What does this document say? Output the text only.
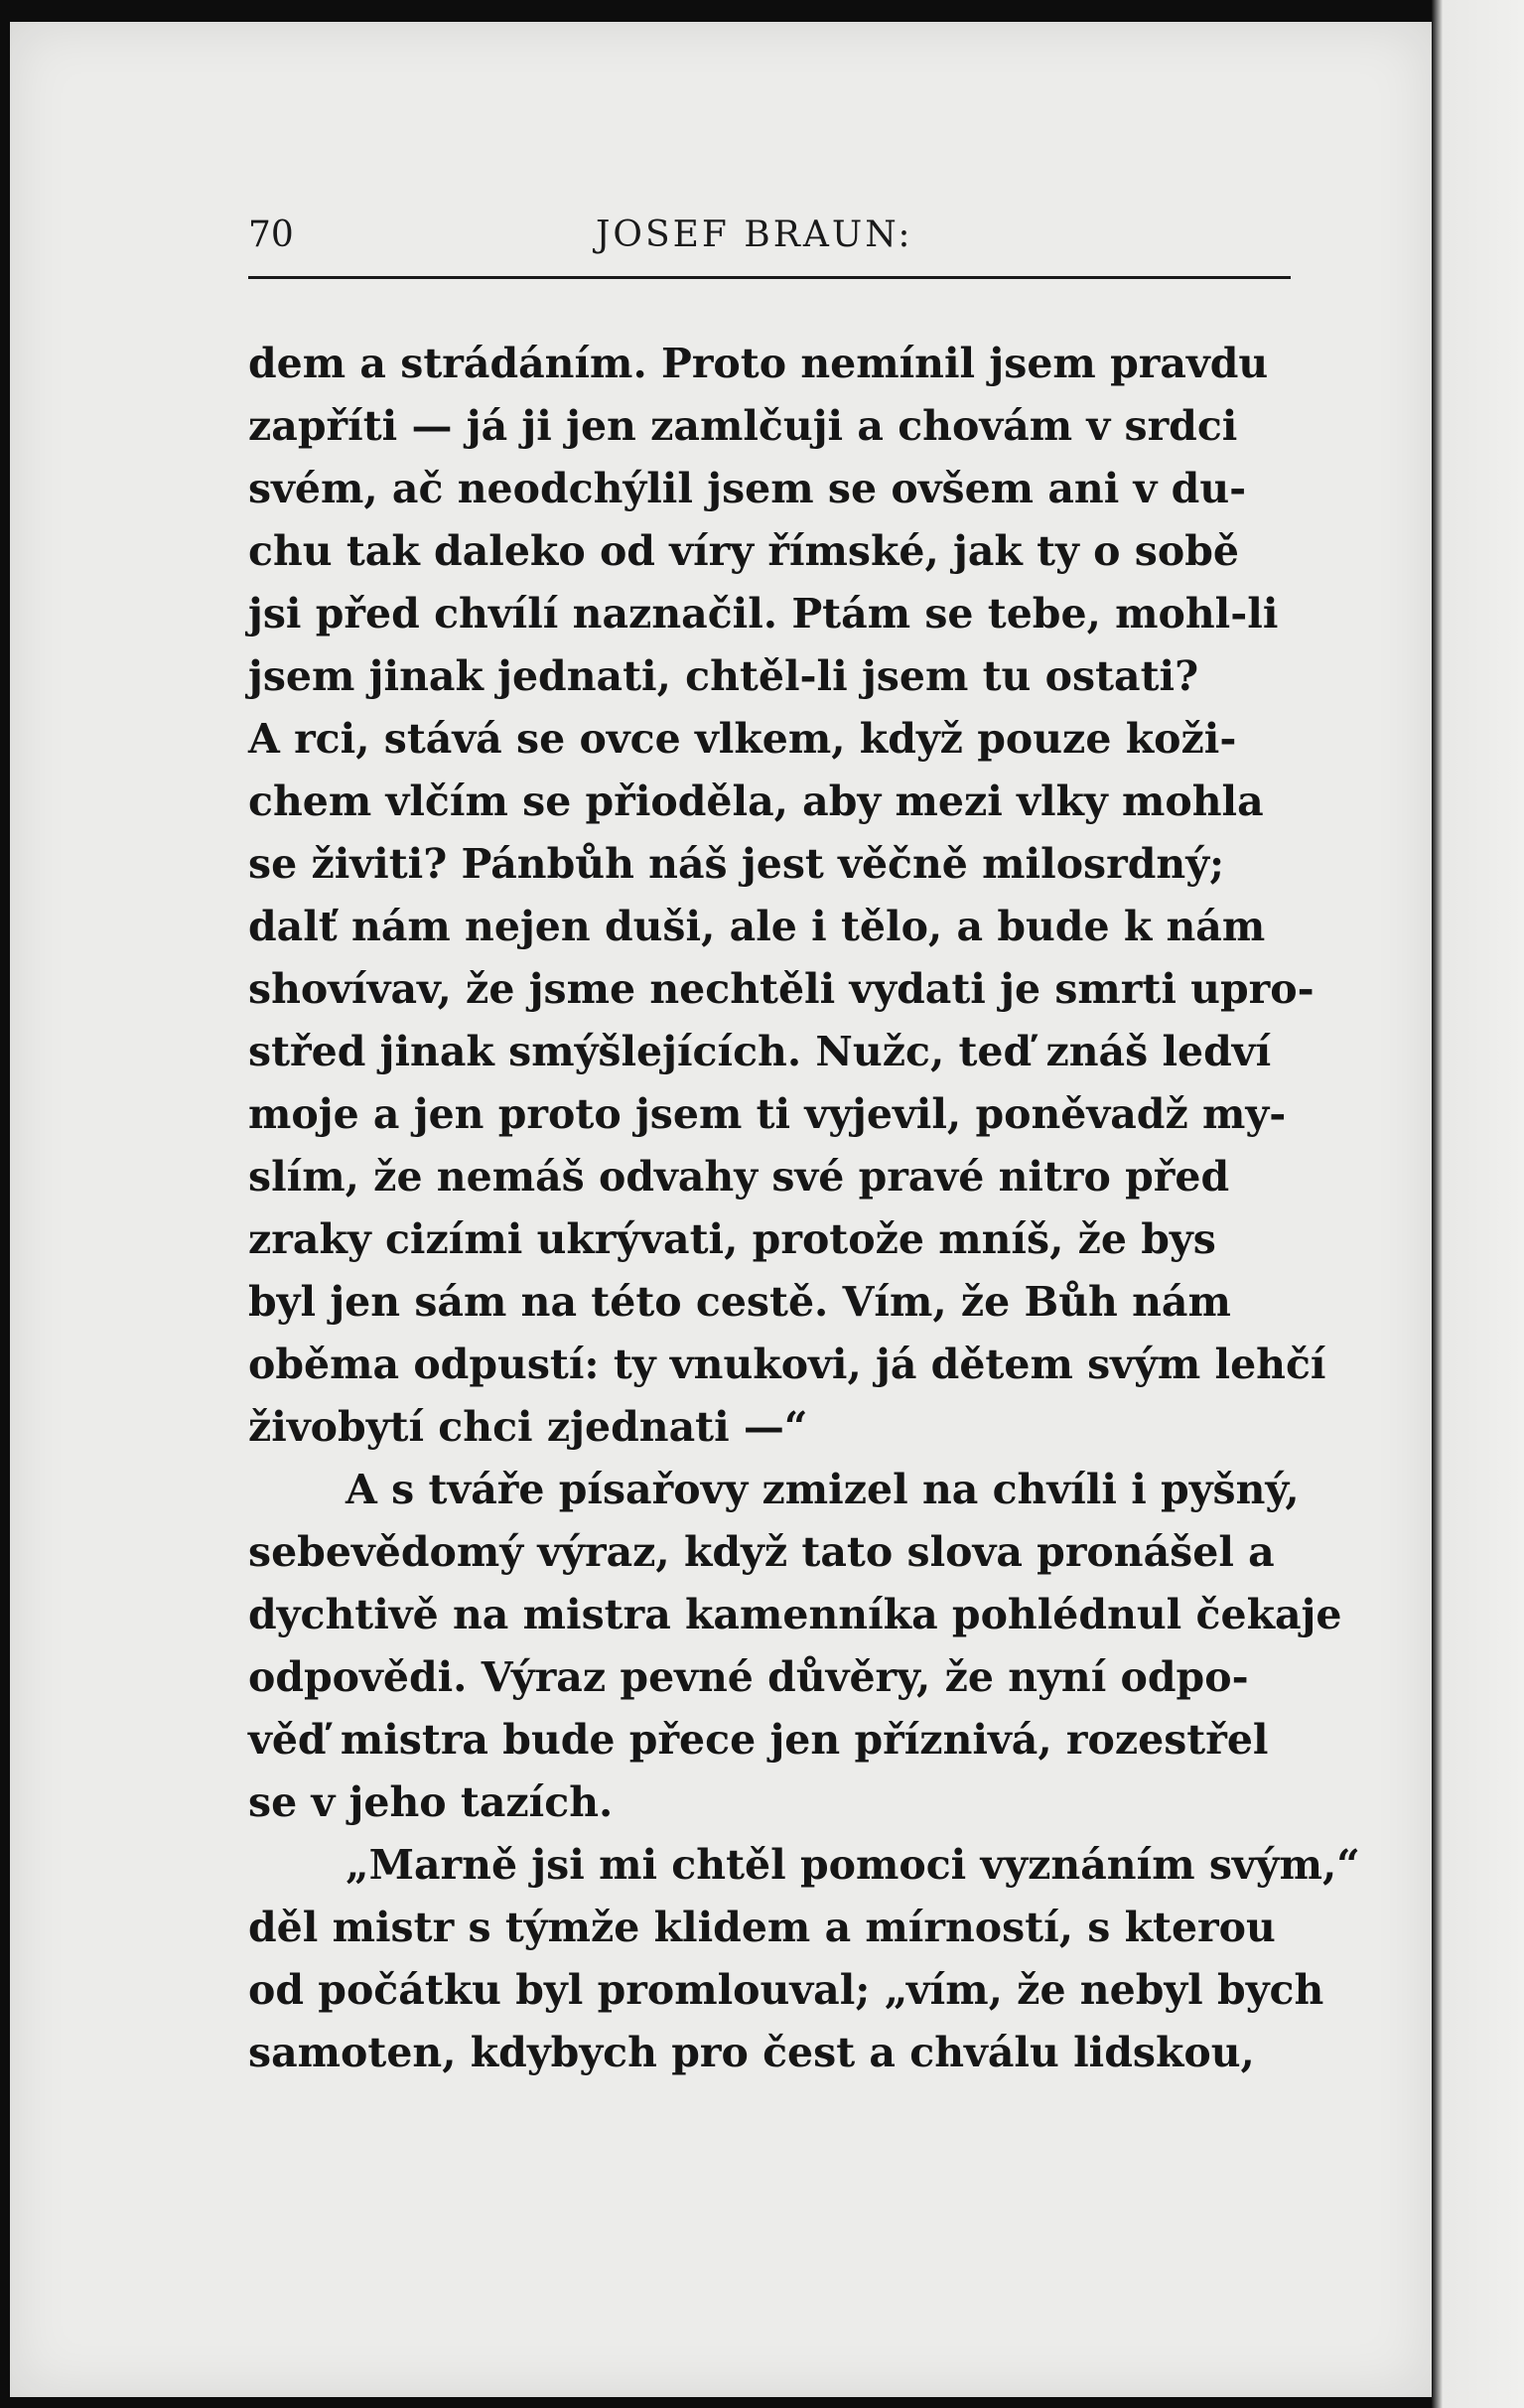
70	JOSEF BRAUN:
dem a strádáním. Proto nemínil jsem pravdu
zapříti — já ji jen zamlčuji a chovám v srdci
svém, ač neodchýlil jsem se ovšem ani v du-
chu tak daleko od víry římské, jak ty o sobě
jsi před chvílí naznačil. Ptám se tebe, mohl-li
jsem jinak jednati, chtěl-li jsem tu ostati?
A rci, stává se ovce vlkem, když pouze koži-
chem vlčím se přioděla, aby mezi vlky mohla
se živiti? Pánbůh náš jest věčně milosrdný;
dalť nám nejen duši, ale i tělo, a bude k nám
shovívav, že jsme nechtěli vydati je smrti upro-
střed jinak smýšlejících. Nužc, teď znáš ledví
moje a jen proto jsem ti vyjevil, poněvadž my-
slím, že nemáš odvahy své pravé nitro před
zraky cizími ukrývati, protože mníš, že bys
byl jen sám na této cestě. Vím, že Bůh nám
oběma odpustí: ty vnukovi, já dětem svým lehčí
živobytí chci zjednati —“
A s tváře písařovy zmizel na chvíli i pyšný,
sebevědomý výraz, když tato slova pronášel a
dychtivě na mistra kamenníka pohlédnul čekaje
odpovědi. Výraz pevné důvěry, že nyní odpo-
věď mistra bude přece jen příznivá, rozestřel
se v jeho tazích.
„Marně jsi mi chtěl pomoci vyznáním svým,“
děl mistr s týmže klidem a mírností, s kterou
od počátku byl promlouval; „vím, že nebyl bych
samoten, kdybych pro čest a chválu lidskou,
